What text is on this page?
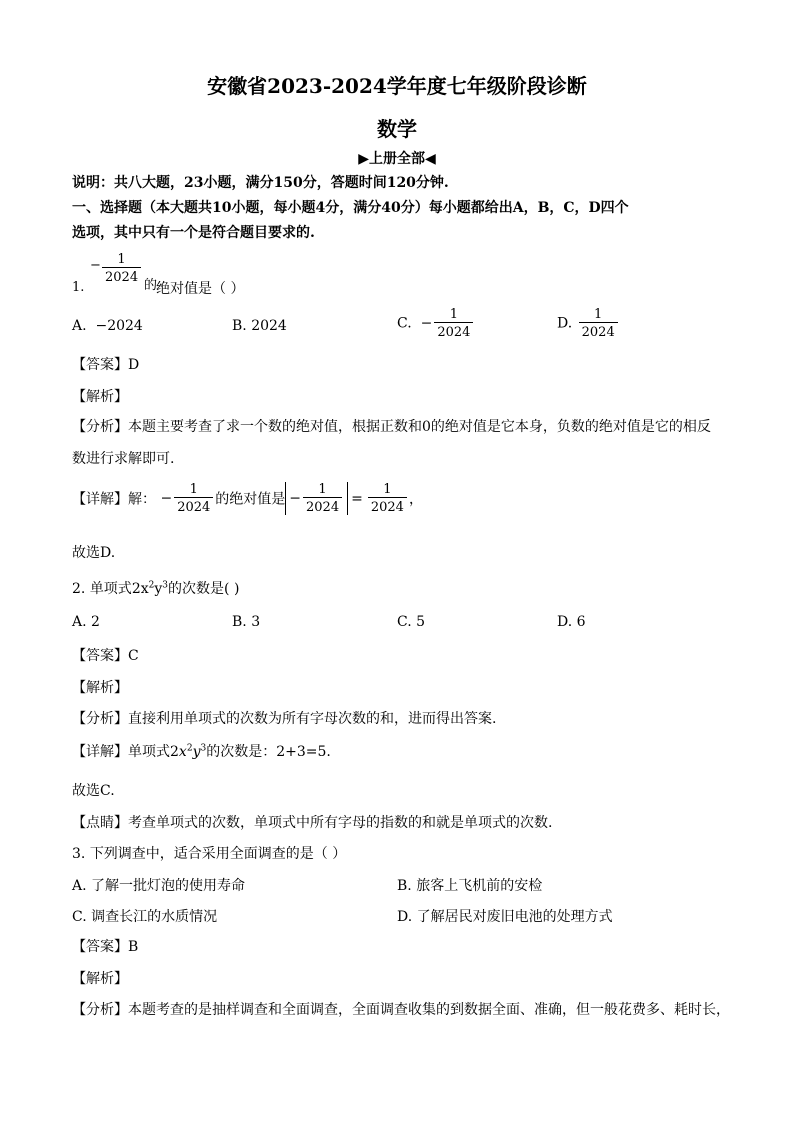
安徽省2023-2024学年度七年级阶段诊断
数学
▶上册全部◀
说明：共八大题，23小题，满分150分，答题时间120分钟.
一、选择题（本大题共10小题，每小题4分，满分40分）每小题都给出A，B，C，D四个
选项，其中只有一个是符合题目要求的.
1.
− $\frac{1}{2024}$
的
绝对值是（ ）
A. −2024	B. 2024	C. − $\frac{1}{2024}$	D. $\frac{1}{2024}$
【答案】D
【解析】
【分析】本题主要考查了求一个数的绝对值，根据正数和0的绝对值是它本身，负数的绝对值是它的相反
数进行求解即可.
【详解】解： − $\frac{1}{2024}$ 的绝对值是 − $\frac{1}{2024} = \frac{1}{2024}$ ，
故选D.
2. 单项式$2x^2y^3$的次数是( )
A. 2	B. 3	C. 5	D. 6
【答案】C
【解析】
【分析】直接利用单项式的次数为所有字母次数的和，进而得出答案.
【详解】单项式$2x^2y^3$的次数是：2+3=5.
故选C.
【点睛】考查单项式的次数，单项式中所有字母的指数的和就是单项式的次数.
3. 下列调查中，适合采用全面调查的是（ ）
A. 了解一批灯泡的使用寿命	B. 旅客上飞机前的安检
C. 调查长江的水质情况	D. 了解居民对废旧电池的处理方式
【答案】B
【解析】
【分析】本题考查的是抽样调查和全面调查，全面调查收集的到数据全面、准确，但一般花费多、耗时长，
